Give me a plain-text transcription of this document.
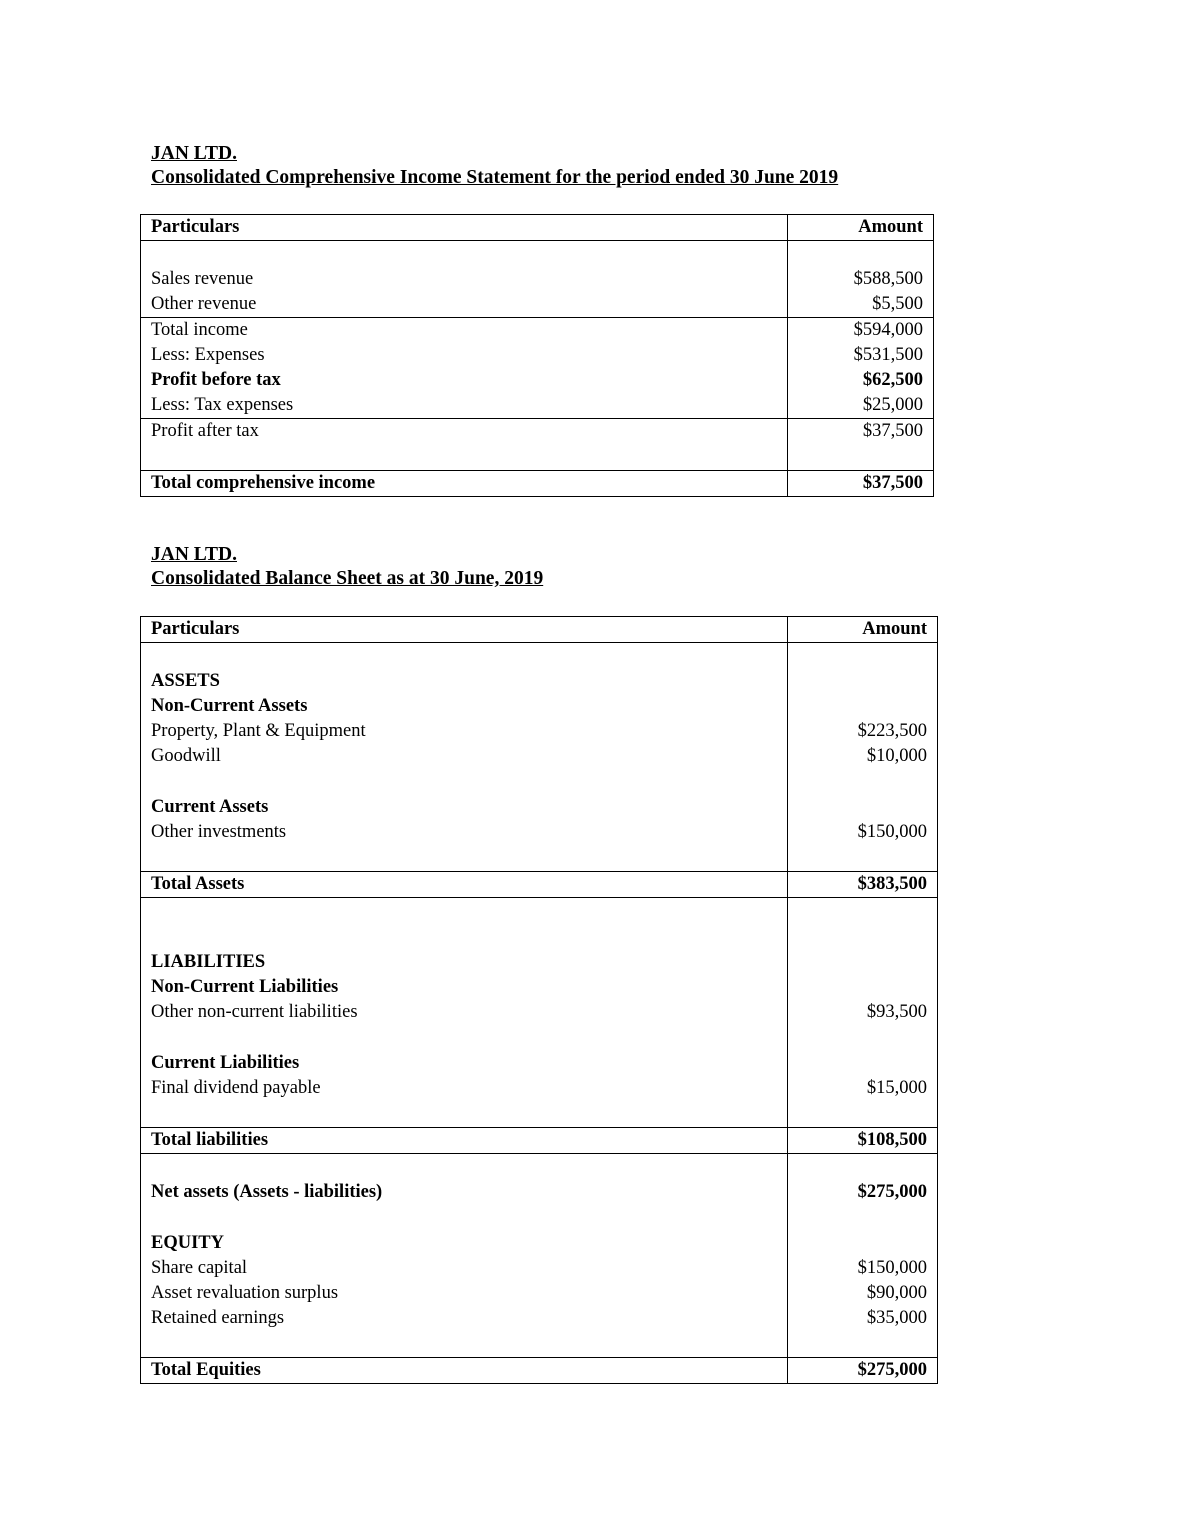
JAN LTD.
Consolidated Comprehensive Income Statement for the period ended 30 June 2019
Particulars	Amount

Sales revenue	$588,500
Other revenue	$5,500
Total income	$594,000
Less: Expenses	$531,500
Profit before tax	$62,500
Less: Tax expenses	$25,000
Profit after tax	$37,500

Total comprehensive income	$37,500
JAN LTD.
Consolidated Balance Sheet as at 30 June, 2019
Particulars	Amount

ASSETS	
Non-Current Assets	
Property, Plant & Equipment	$223,500
Goodwill	$10,000

Current Assets	
Other investments	$150,000

Total Assets	$383,500

LIABILITIES	
Non-Current Liabilities	
Other non-current liabilities	$93,500

Current Liabilities	
Final dividend payable	$15,000

Total liabilities	$108,500

Net assets (Assets - liabilities)	$275,000

EQUITY	
Share capital	$150,000
Asset revaluation surplus	$90,000
Retained earnings	$35,000

Total Equities	$275,000
